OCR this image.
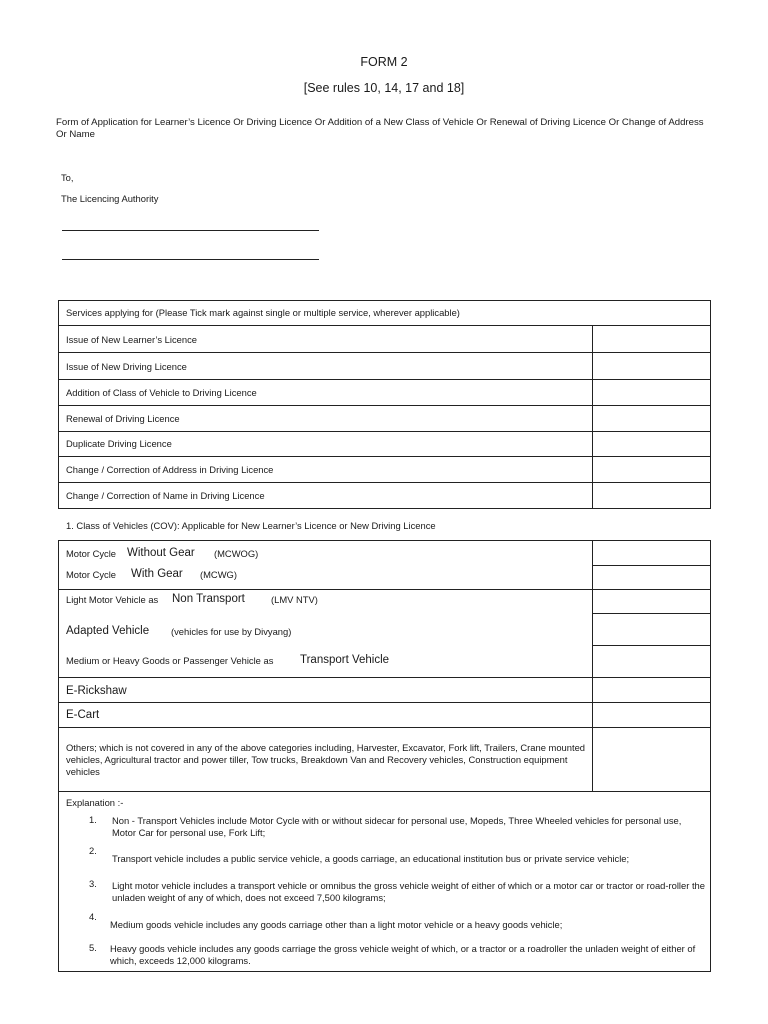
FORM 2
[See rules 10, 14, 17 and 18]
Form of Application for Learner’s Licence Or Driving Licence Or Addition of a New Class of Vehicle Or Renewal of Driving Licence Or Change of Address Or Name
To,
The Licencing Authority
Services applying for (Please Tick mark against single or multiple service, wherever applicable)
Issue of New Learner’s Licence
Issue of New Driving Licence
Addition of Class of Vehicle to Driving Licence
Renewal of Driving Licence
Duplicate Driving Licence
Change / Correction of Address in Driving Licence
Change / Correction of Name in Driving Licence
1. Class of Vehicles (COV): Applicable for New Learner’s Licence or New Driving Licence
Motor Cycle Without Gear (MCWOG)
Motor Cycle With Gear (MCWG)
Light Motor Vehicle as Non Transport	(LMV NTV)
Adapted Vehicle (vehicles for use by Divyang)
Medium or Heavy Goods or Passenger Vehicle as Transport Vehicle
E-Rickshaw
E-Cart
Others; which is not covered in any of the above categories including, Harvester, Excavator, Fork lift, Trailers, Crane mounted vehicles, Agricultural tractor and power tiller, Tow trucks, Breakdown Van and Recovery vehicles, Construction equipment vehicles
Explanation :-
1. Non - Transport Vehicles include Motor Cycle with or without sidecar for personal use, Mopeds, Three Wheeled vehicles for personal use, Motor Car for personal use, Fork Lift;
2.
Transport vehicle includes a public service vehicle, a goods carriage, an educational institution bus or private service vehicle;
3. Light motor vehicle includes a transport vehicle or omnibus the gross vehicle weight of either of which or a motor car or tractor or road-roller the unladen weight of any of which, does not exceed 7,500 kilograms;
4.
Medium goods vehicle includes any goods carriage other than a light motor vehicle or a heavy goods vehicle;
5. Heavy goods vehicle includes any goods carriage the gross vehicle weight of which, or a tractor or a roadroller the unladen weight of either of which, exceeds 12,000 kilograms.
